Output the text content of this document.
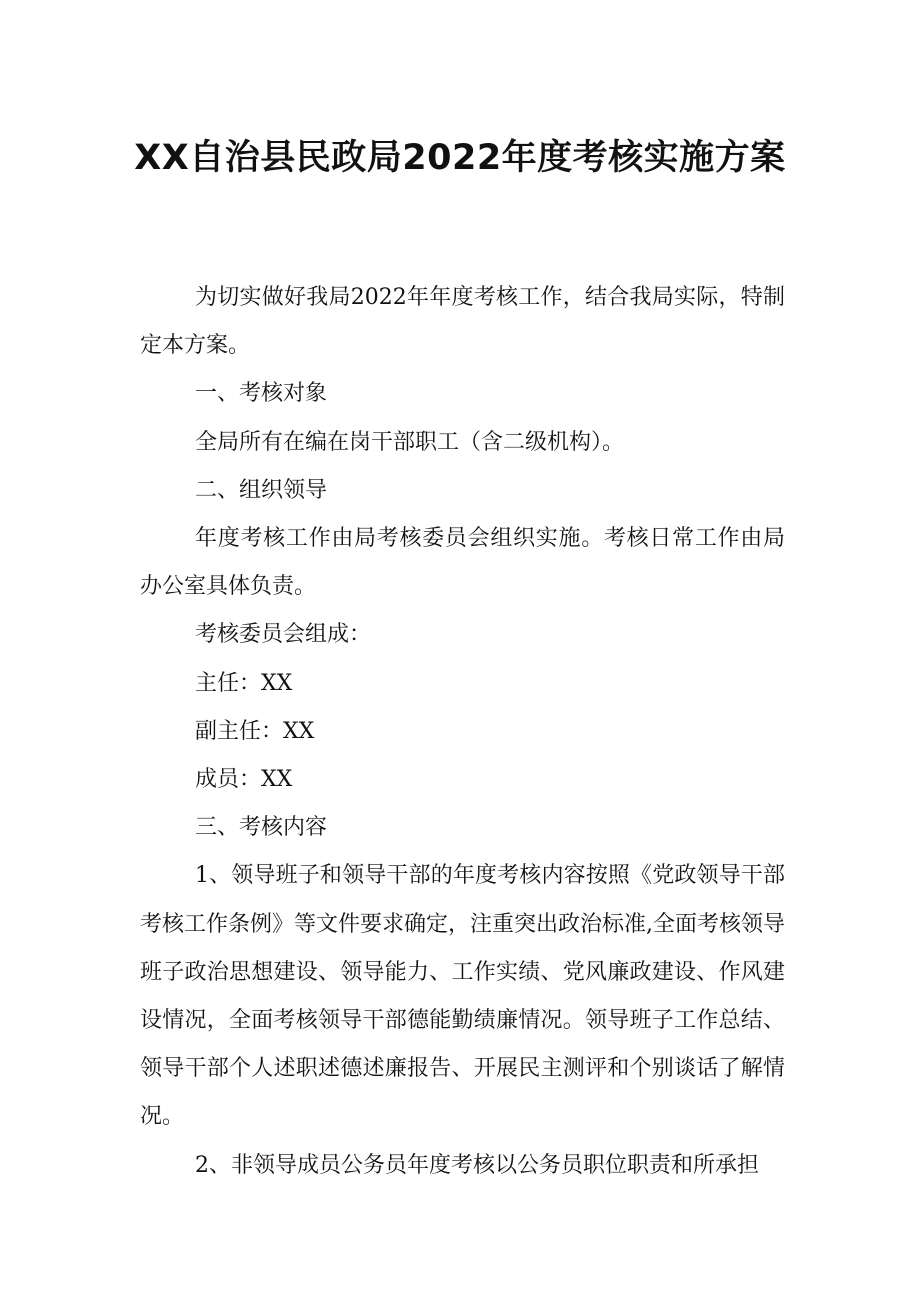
XX自治县民政局2022年度考核实施方案

为切实做好我局2022年年度考核工作，结合我局实际，特制定本方案。

一、考核对象

全局所有在编在岗干部职工（含二级机构）。

二、组织领导

年度考核工作由局考核委员会组织实施。考核日常工作由局办公室具体负责。

考核委员会组成：

主任：XX

副主任：XX

成员：XX

三、考核内容

1、领导班子和领导干部的年度考核内容按照《党政领导干部考核工作条例》等文件要求确定，注重突出政治标准,全面考核领导班子政治思想建设、领导能力、工作实绩、党风廉政建设、作风建设情况，全面考核领导干部德能勤绩廉情况。领导班子工作总结、领导干部个人述职述德述廉报告、开展民主测评和个别谈话了解情况。

2、非领导成员公务员年度考核以公务员职位职责和所承担
